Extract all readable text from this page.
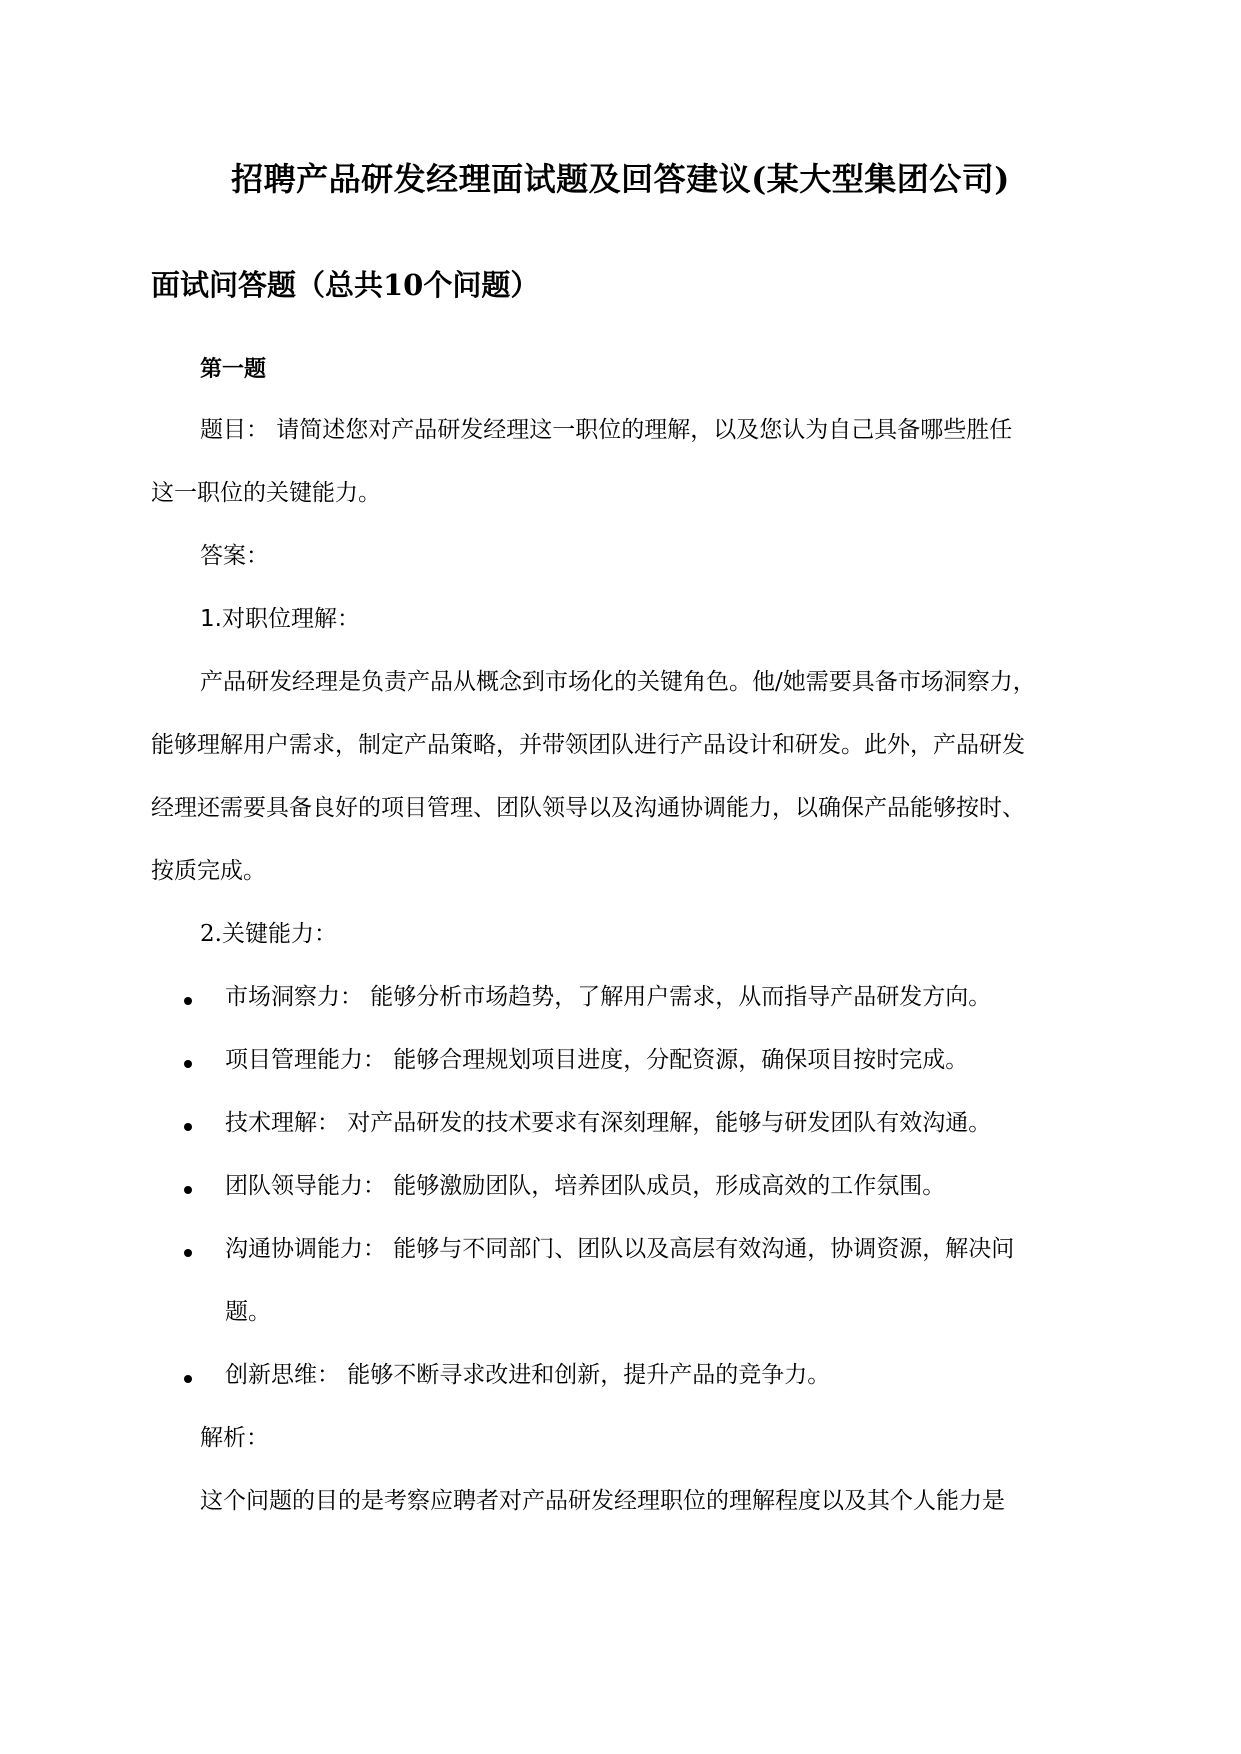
招聘产品研发经理面试题及回答建议(某大型集团公司)
面试问答题（总共10个问题）
第一题
题目： 请简述您对产品研发经理这一职位的理解，以及您认为自己具备哪些胜任
这一职位的关键能力。
答案：
1.对职位理解：
产品研发经理是负责产品从概念到市场化的关键角色。他/她需要具备市场洞察力，
能够理解用户需求，制定产品策略，并带领团队进行产品设计和研发。此外，产品研发
经理还需要具备良好的项目管理、团队领导以及沟通协调能力，以确保产品能够按时、
按质完成。
2.关键能力：
市场洞察力： 能够分析市场趋势，了解用户需求，从而指导产品研发方向。
项目管理能力： 能够合理规划项目进度，分配资源，确保项目按时完成。
技术理解： 对产品研发的技术要求有深刻理解，能够与研发团队有效沟通。
团队领导能力： 能够激励团队，培养团队成员，形成高效的工作氛围。
沟通协调能力： 能够与不同部门、团队以及高层有效沟通，协调资源，解决问
题。
创新思维： 能够不断寻求改进和创新，提升产品的竞争力。
解析：
这个问题的目的是考察应聘者对产品研发经理职位的理解程度以及其个人能力是
